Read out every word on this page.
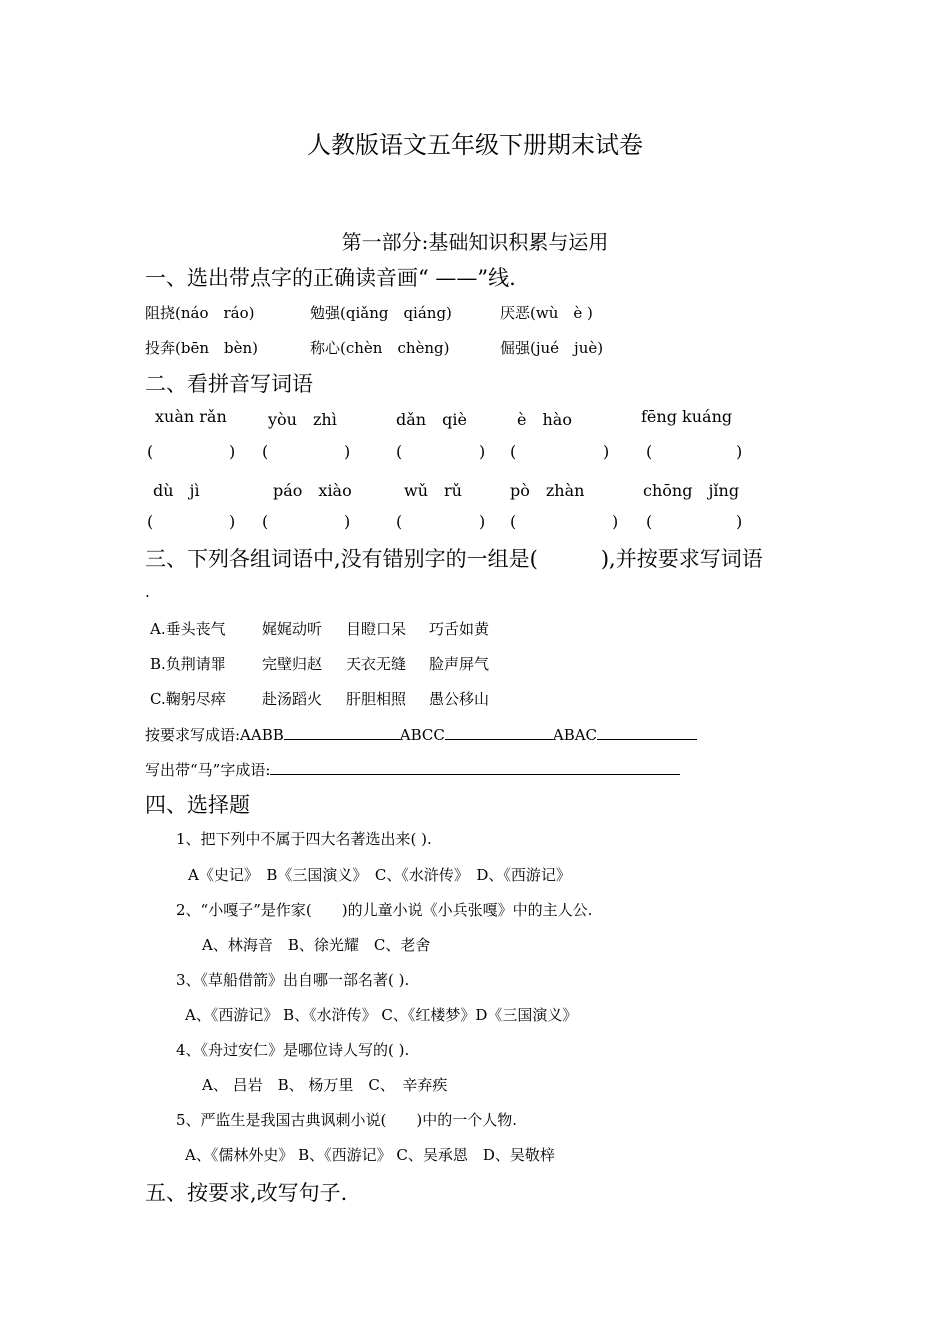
人教版语文五年级下册期末试卷
第一部分:基础知识积累与运用
一、选出带点字的正确读音画“ ——”线.
阻挠(náo　ráo)	勉强(qiǎng　qiáng)	厌恶(wù　è )
投奔(bēn　bèn)	称心(chèn　chèng)	倔强(jué　juè)
二、看拼音写词语
xuàn rǎn	yòu　zhì	dǎn　qiè	è　hào	fēng kuáng
(	) (	)	(	) (	) (	)
dù　jì	páo　xiào	wǔ　rǔ	pò　zhàn	chōng　jǐng
(	) (	)	(	) (	) (	)
三、下列各组词语中,没有错别字的一组是(　　　),并按要求写词语
.
A.垂头丧气 娓娓动听 目瞪口呆 巧舌如黄
B.负荆请罪 完壁归赵 天衣无缝 脸声屏气
C.鞠躬尽瘁 赴汤蹈火 肝胆相照 愚公移山
按要求写成语:AABB	ABCC	ABAC
写出带“马”字成语:
四、选择题
1、把下列中不属于四大名著选出来( ).
A《史记》　B《三国演义》　C、《水浒传》　D、《西游记》
2、“小嘎子”是作家(　　)的儿童小说《小兵张嘎》中的主人公.
A、林海音　B、徐光耀　C、老舍
3、《草船借箭》出自哪一部名著( ).
A、《西游记》 B、《水浒传》 C、《红楼梦》D《三国演义》
4、《舟过安仁》是哪位诗人写的( ).
A、 吕岩　B、 杨万里　C、　辛弃疾
5、严监生是我国古典讽刺小说(　　)中的一个人物.
A、《儒林外史》 B、《西游记》 C、吴承恩　D、吴敬梓
五、按要求,改写句子.
